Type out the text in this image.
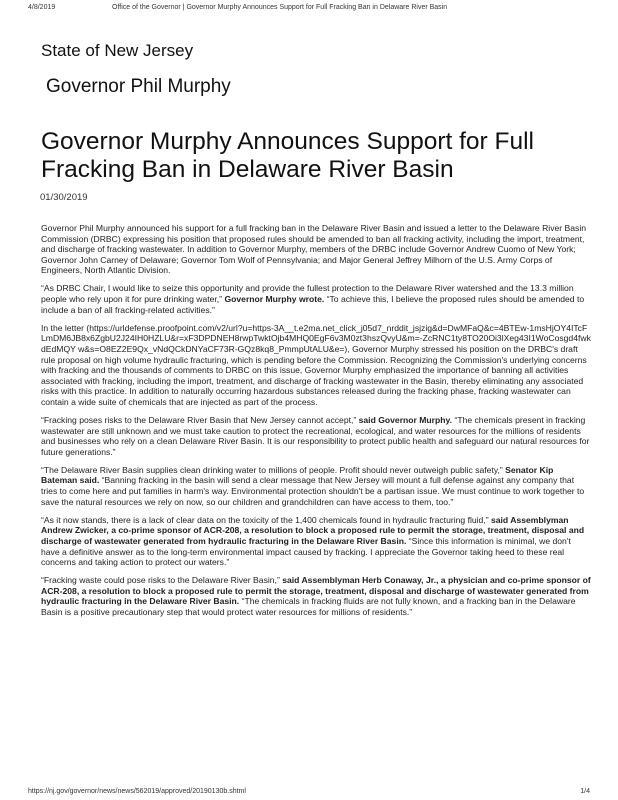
4/8/2019	Office of the Governor | Governor Murphy Announces Support for Full Fracking Ban in Delaware River Basin
State of New Jersey
Governor Phil Murphy
Governor Murphy Announces Support for Full Fracking Ban in Delaware River Basin
01/30/2019

Governor Phil Murphy announced his support for a full fracking ban in the Delaware River Basin and issued a letter to the Delaware River Basin Commission (DRBC) expressing his position that proposed rules should be amended to ban all fracking activity, including the import, treatment, and discharge of fracking wastewater. In addition to Governor Murphy, members of the DRBC include Governor Andrew Cuomo of New York; Governor John Carney of Delaware; Governor Tom Wolf of Pennsylvania; and Major General Jeffrey Milhorn of the U.S. Army Corps of Engineers, North Atlantic Division.

“As DRBC Chair, I would like to seize this opportunity and provide the fullest protection to the Delaware River watershed and the 13.3 million people who rely upon it for pure drinking water,” Governor Murphy wrote. “To achieve this, I believe the proposed rules should be amended to include a ban of all fracking-related activities.”

In the letter (https://urldefense.proofpoint.com/v2/url?u=https-3A__t.e2ma.net_click_j05d7_nrddit_jsjzig&d=DwMFaQ&c=4BTEw-1msHjOY4ITcFLmDM6JB8x6ZgbU2J24IH0HZLU&r=xF3DPDNEH8rwpTwktOjb4MHQ0EgF6v3M0zt3hszQvyU&m=-ZcRNC1ty8TO20Oi3lXeg43I1WoCosgd4fwkdEdMQY w&s=O8EZ2E9Qx_vNdQCkDNYaCF73R-GQz8kq8_PmmpUtALU&e=), Governor Murphy stressed his position on the DRBC's draft rule proposal on high volume hydraulic fracturing, which is pending before the Commission. Recognizing the Commission's underlying concerns with fracking and the thousands of comments to DRBC on this issue, Governor Murphy emphasized the importance of banning all activities associated with fracking, including the import, treatment, and discharge of fracking wastewater in the Basin, thereby eliminating any associated risks with this practice. In addition to naturally occurring hazardous substances released during the fracking phase, fracking wastewater can contain a wide suite of chemicals that are injected as part of the process.

“Fracking poses risks to the Delaware River Basin that New Jersey cannot accept,” said Governor Murphy. “The chemicals present in fracking wastewater are still unknown and we must take caution to protect the recreational, ecological, and water resources for the millions of residents and businesses who rely on a clean Delaware River Basin. It is our responsibility to protect public health and safeguard our natural resources for future generations.”

“The Delaware River Basin supplies clean drinking water to millions of people. Profit should never outweigh public safety,” Senator Kip Bateman said. “Banning fracking in the basin will send a clear message that New Jersey will mount a full defense against any company that tries to come here and put families in harm's way. Environmental protection shouldn't be a partisan issue. We must continue to work together to save the natural resources we rely on now, so our children and grandchildren can have access to them, too.”

“As it now stands, there is a lack of clear data on the toxicity of the 1,400 chemicals found in hydraulic fracturing fluid,” said Assemblyman Andrew Zwicker, a co-prime sponsor of ACR-208, a resolution to block a proposed rule to permit the storage, treatment, disposal and discharge of wastewater generated from hydraulic fracturing in the Delaware River Basin. “Since this information is minimal, we don't have a definitive answer as to the long-term environmental impact caused by fracking. I appreciate the Governor taking heed to these real concerns and taking action to protect our waters.”

“Fracking waste could pose risks to the Delaware River Basin,” said Assemblyman Herb Conaway, Jr., a physician and co-prime sponsor of ACR-208, a resolution to block a proposed rule to permit the storage, treatment, disposal and discharge of wastewater generated from hydraulic fracturing in the Delaware River Basin. “The chemicals in fracking fluids are not fully known, and a fracking ban in the Delaware Basin is a positive precautionary step that would protect water resources for millions of residents.”

https://nj.gov/governor/news/news/562019/approved/20190130b.shtml	1/4
